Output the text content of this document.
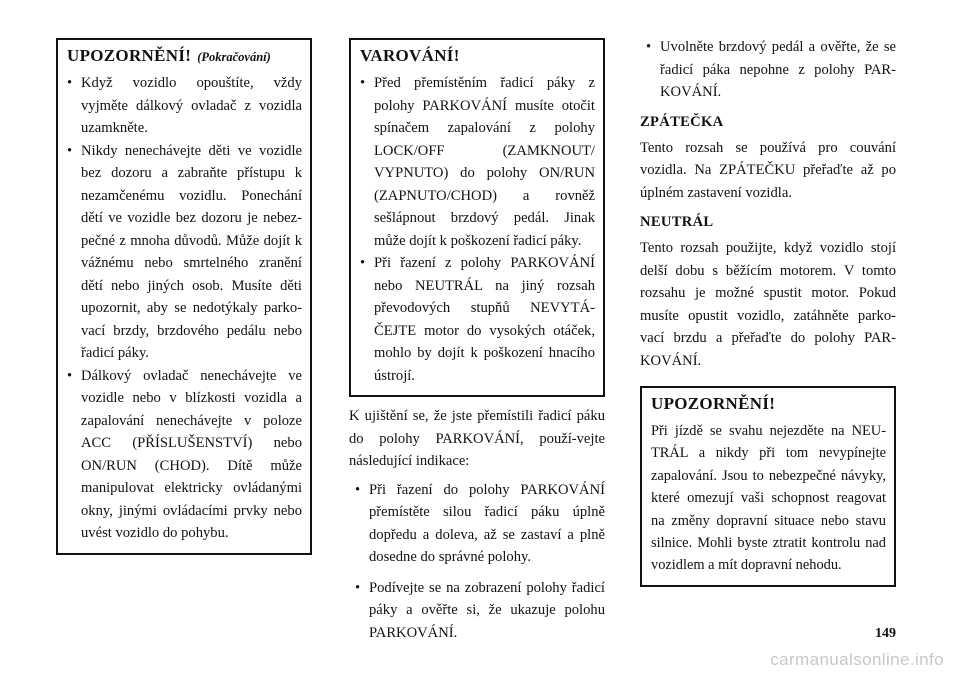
UPOZORNĚNÍ! (Pokračování)
• Když vozidlo opouštíte, vždy vyjměte dálkový ovladač z vozidla uzamkněte.
• Nikdy nenechávejte děti ve vozidle bez dozoru a zabraňte přístupu k nezamčenému vozidlu. Ponechání dětí ve vozidle bez dozoru je nebez-pečné z mnoha důvodů. Může dojít k vážnému nebo smrtelného zranění dětí nebo jiných osob. Musíte děti upozornit, aby se nedotýkaly parko-vací brzdy, brzdového pedálu nebo řadicí páky.
• Dálkový ovladač nenechávejte ve vozidle nebo v blízkosti vozidla a zapalování nenechávejte v poloze ACC (PŘÍSLUŠENSTVÍ) nebo ON/RUN (CHOD). Dítě může manipulovat elektricky ovládanými okny, jinými ovládacími prvky nebo uvést vozidlo do pohybu.
VAROVÁNÍ!
• Před přemístěním řadicí páky z polohy PARKOVÁNÍ musíte otočit spínačem zapalování z polohy LOCK/OFF (ZAMKNOUT/ VYPNUTO) do polohy ON/RUN (ZAPNUTO/CHOD) a rovněž sešlápnout brzdový pedál. Jinak může dojít k poškození řadicí páky.
• Při řazení z polohy PARKOVÁNÍ nebo NEUTRÁL na jiný rozsah převodových stupňů NEVYTÁ-ČEJTE motor do vysokých otáček, mohlo by dojít k poškození hnacího ústrojí.

K ujištění se, že jste přemístili řadicí páku do polohy PARKOVÁNÍ, použí-vejte následující indikace:

• Při řazení do polohy PARKOVÁNÍ přemístěte silou řadicí páku úplně dopředu a doleva, až se zastaví a plně dosedne do správné polohy.
• Podívejte se na zobrazení polohy řadicí páky a ověřte si, že ukazuje polohu PARKOVÁNÍ.
• Uvolněte brzdový pedál a ověřte, že se řadicí páka nepohne z polohy PAR-KOVÁNÍ.
ZPÁTEČKA

Tento rozsah se používá pro couvání vozidla. Na ZPÁTEČKU přeřaďte až po úplném zastavení vozidla.

NEUTRÁL

Tento rozsah použijte, když vozidlo stojí delší dobu s běžícím motorem. V tomto rozsahu je možné spustit motor. Pokud musíte opustit vozidlo, zatáhněte parko-vací brzdu a přeřaďte do polohy PAR-KOVÁNÍ.

UPOZORNĚNÍ!

Při jízdě se svahu nejezděte na NEU-TRÁL a nikdy při tom nevypínejte zapalování. Jsou to nebezpečné návyky, které omezují vaši schopnost reagovat na změny dopravní situace nebo stavu silnice. Mohli byste ztratit kontrolu nad vozidlem a mít dopravní nehodu.

149
carmanualsonline.info
